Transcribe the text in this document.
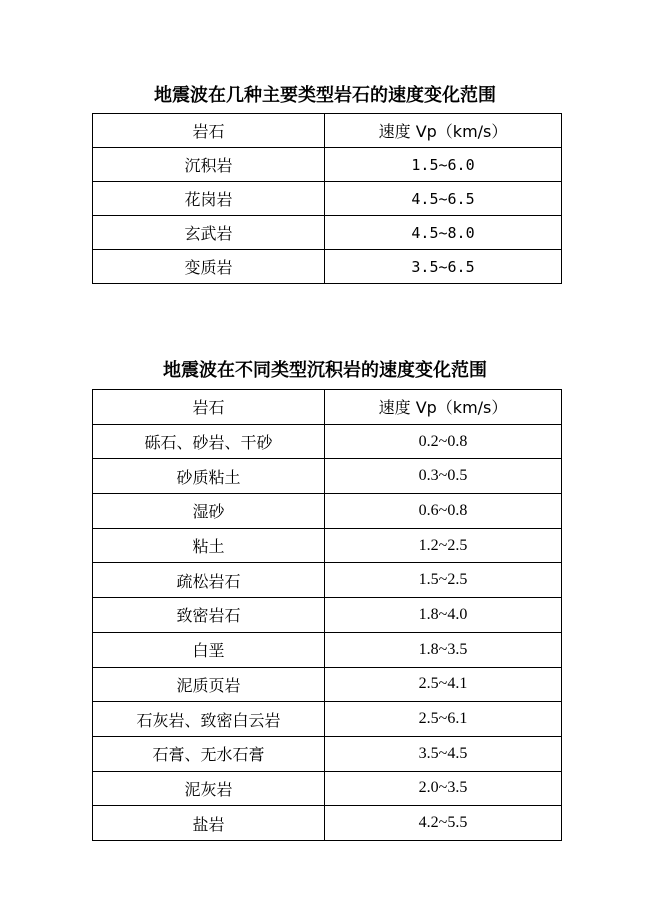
地震波在几种主要类型岩石的速度变化范围
岩石	速度 Vp（km/s）
沉积岩	1.5~6.0
花岗岩	4.5~6.5
玄武岩	4.5~8.0
变质岩	3.5~6.5
地震波在不同类型沉积岩的速度变化范围
岩石	速度 Vp（km/s）
砾石、砂岩、干砂	0.2~0.8
砂质粘土	0.3~0.5
湿砂	0.6~0.8
粘土	1.2~2.5
疏松岩石	1.5~2.5
致密岩石	1.8~4.0
白垩	1.8~3.5
泥质页岩	2.5~4.1
石灰岩、致密白云岩	2.5~6.1
石膏、无水石膏	3.5~4.5
泥灰岩	2.0~3.5
盐岩	4.2~5.5
